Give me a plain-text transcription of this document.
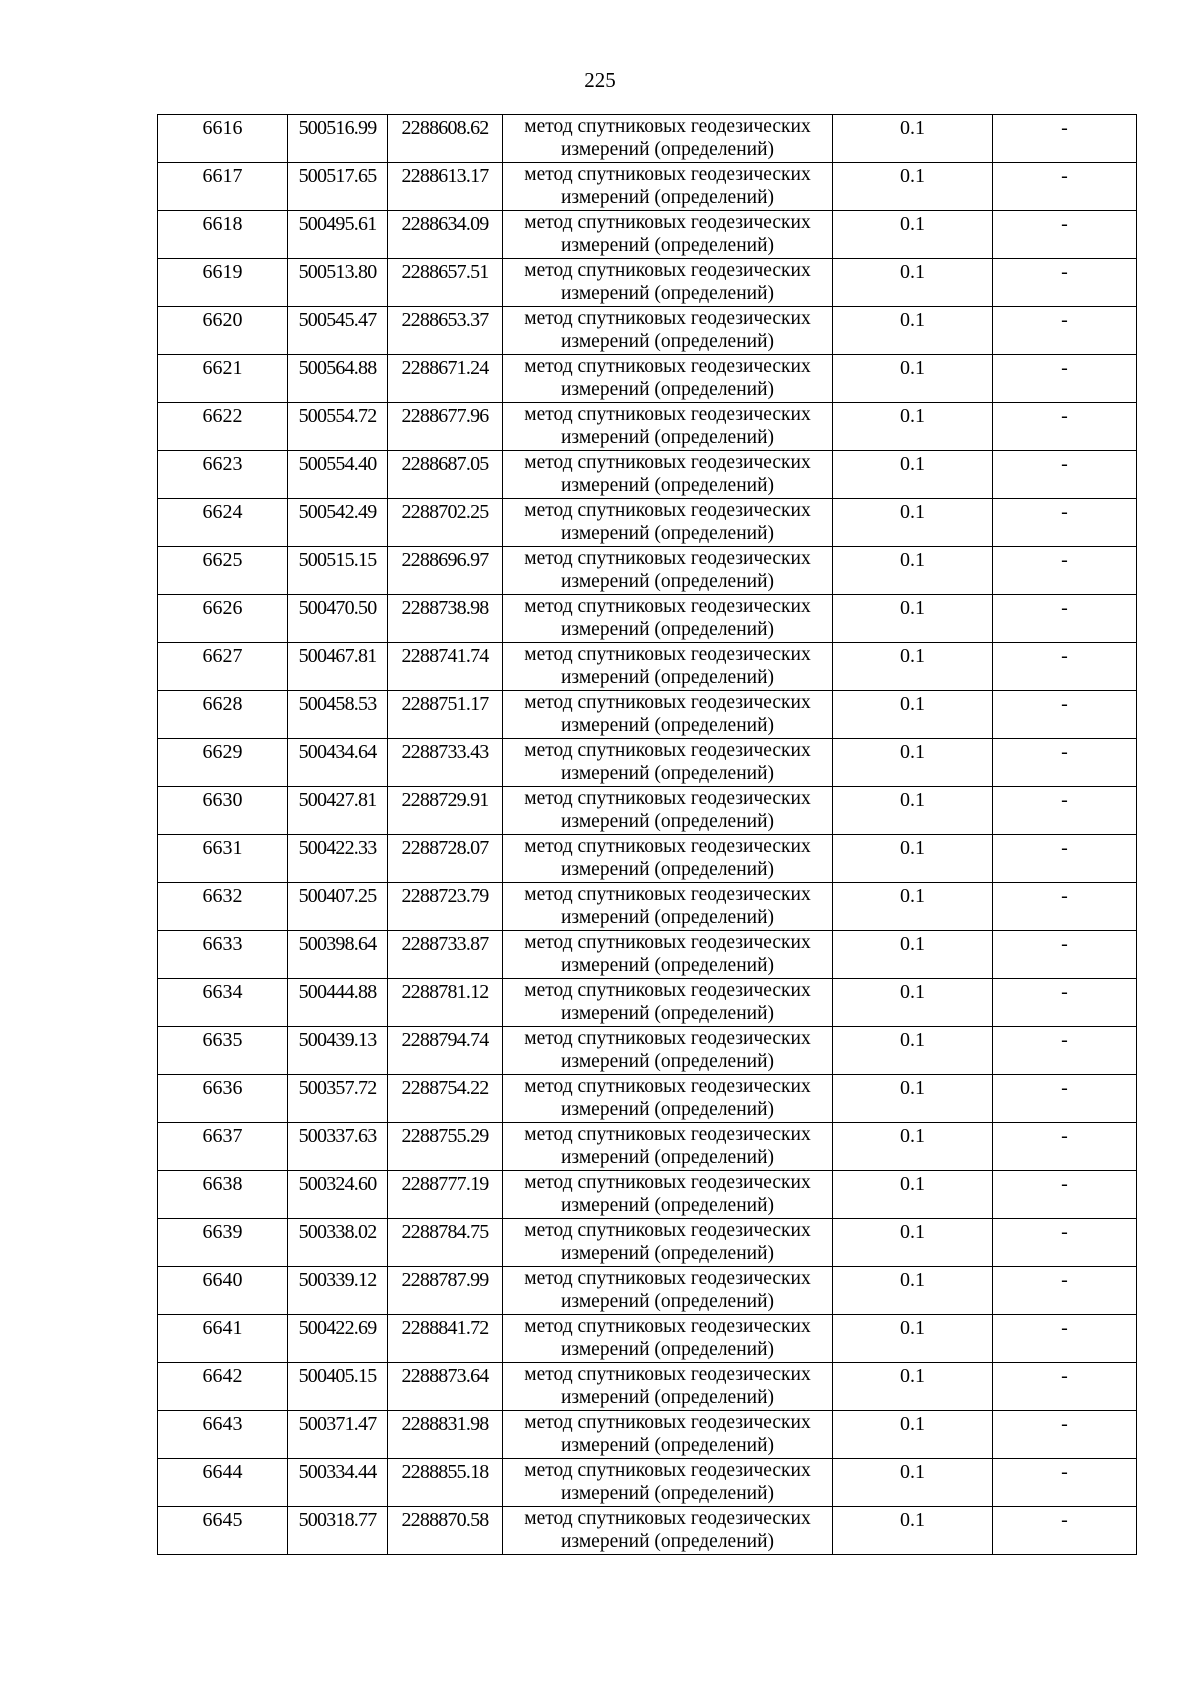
225
6616	500516.99	2288608.62	метод спутниковых геодезических
измерений (определений)	0.1	-
6617	500517.65	2288613.17	метод спутниковых геодезических
измерений (определений)	0.1	-
6618	500495.61	2288634.09	метод спутниковых геодезических
измерений (определений)	0.1	-
6619	500513.80	2288657.51	метод спутниковых геодезических
измерений (определений)	0.1	-
6620	500545.47	2288653.37	метод спутниковых геодезических
измерений (определений)	0.1	-
6621	500564.88	2288671.24	метод спутниковых геодезических
измерений (определений)	0.1	-
6622	500554.72	2288677.96	метод спутниковых геодезических
измерений (определений)	0.1	-
6623	500554.40	2288687.05	метод спутниковых геодезических
измерений (определений)	0.1	-
6624	500542.49	2288702.25	метод спутниковых геодезических
измерений (определений)	0.1	-
6625	500515.15	2288696.97	метод спутниковых геодезических
измерений (определений)	0.1	-
6626	500470.50	2288738.98	метод спутниковых геодезических
измерений (определений)	0.1	-
6627	500467.81	2288741.74	метод спутниковых геодезических
измерений (определений)	0.1	-
6628	500458.53	2288751.17	метод спутниковых геодезических
измерений (определений)	0.1	-
6629	500434.64	2288733.43	метод спутниковых геодезических
измерений (определений)	0.1	-
6630	500427.81	2288729.91	метод спутниковых геодезических
измерений (определений)	0.1	-
6631	500422.33	2288728.07	метод спутниковых геодезических
измерений (определений)	0.1	-
6632	500407.25	2288723.79	метод спутниковых геодезических
измерений (определений)	0.1	-
6633	500398.64	2288733.87	метод спутниковых геодезических
измерений (определений)	0.1	-
6634	500444.88	2288781.12	метод спутниковых геодезических
измерений (определений)	0.1	-
6635	500439.13	2288794.74	метод спутниковых геодезических
измерений (определений)	0.1	-
6636	500357.72	2288754.22	метод спутниковых геодезических
измерений (определений)	0.1	-
6637	500337.63	2288755.29	метод спутниковых геодезических
измерений (определений)	0.1	-
6638	500324.60	2288777.19	метод спутниковых геодезических
измерений (определений)	0.1	-
6639	500338.02	2288784.75	метод спутниковых геодезических
измерений (определений)	0.1	-
6640	500339.12	2288787.99	метод спутниковых геодезических
измерений (определений)	0.1	-
6641	500422.69	2288841.72	метод спутниковых геодезических
измерений (определений)	0.1	-
6642	500405.15	2288873.64	метод спутниковых геодезических
измерений (определений)	0.1	-
6643	500371.47	2288831.98	метод спутниковых геодезических
измерений (определений)	0.1	-
6644	500334.44	2288855.18	метод спутниковых геодезических
измерений (определений)	0.1	-
6645	500318.77	2288870.58	метод спутниковых геодезических
измерений (определений)	0.1	-
